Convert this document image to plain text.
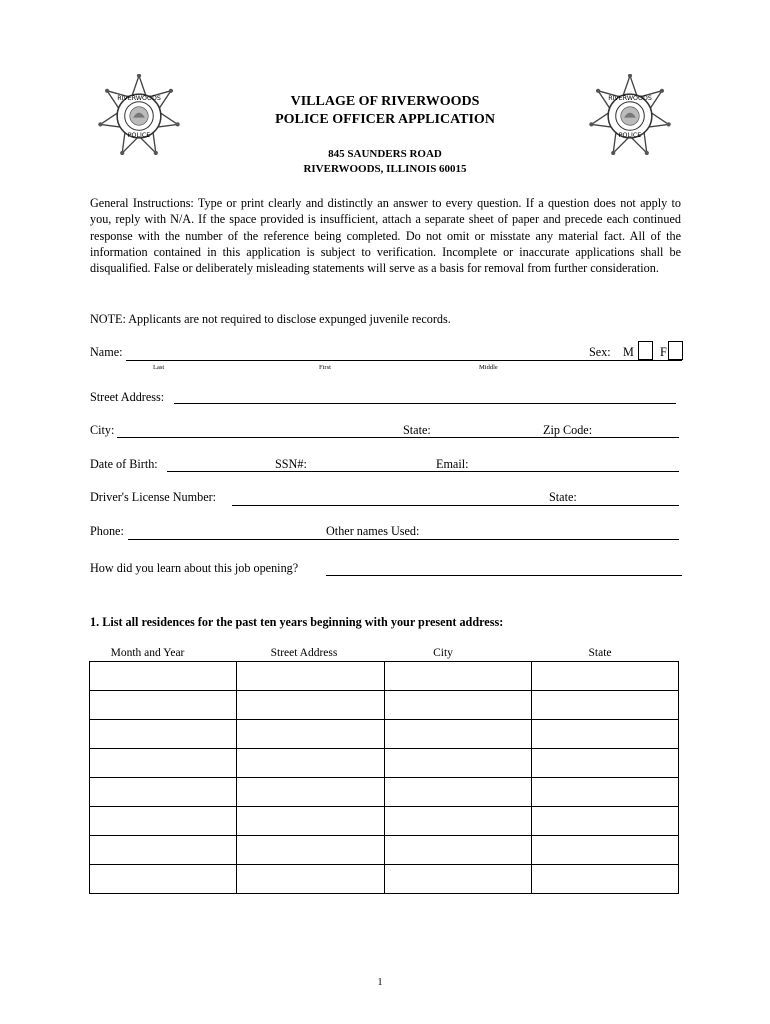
RIVERWOODS
POLICE
RIVERWOODS
POLICE
VILLAGE OF RIVERWOODS
POLICE OFFICER APPLICATION
845 SAUNDERS ROAD
RIVERWOODS, ILLINOIS 60015
General Instructions: Type or print clearly and distinctly an answer to every question. If a question does not apply to you, reply with N/A. If the space provided is insufficient, attach a separate sheet of paper and precede each continued response with the number of the reference being completed. Do not omit or misstate any material fact. All of the information contained in this application is subject to verification. Incomplete or inaccurate applications shall be disqualified. False or deliberately misleading statements will serve as a basis for removal from further consideration.
NOTE: Applicants are not required to disclose expunged juvenile records.
Name:
Last	First	Middle
Sex: M F
Street Address:
City:	State:	Zip Code:
Date of Birth:	SSN#:	Email:
Driver's License Number:	State:
Phone:	Other names Used:
How did you learn about this job opening?
1. List all residences for the past ten years beginning with your present address:
Month and Year	Street Address	City	State

1
